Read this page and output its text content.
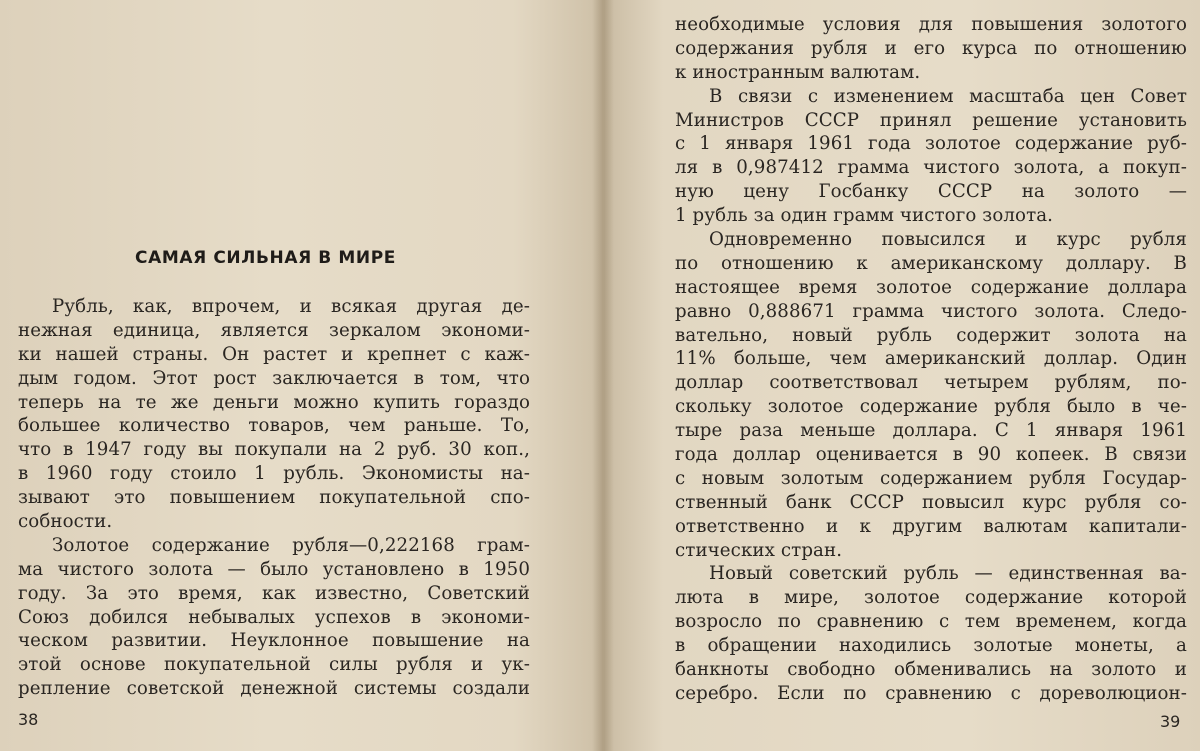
САМАЯ СИЛЬНАЯ В МИРЕ
38	39
Рубль, как, впрочем, и всякая другая де-
нежная единица, является зеркалом экономи-
ки нашей страны. Он растет и крепнет с каж-
дым годом. Этот рост заключается в том, что
теперь на те же деньги можно купить гораздо
большее количество товаров, чем раньше. То,
что в 1947 году вы покупали на 2 руб. 30 коп.,
в 1960 году стоило 1 рубль. Экономисты на-
зывают это повышением покупательной спо-
собности.
Золотое содержание рубля—0,222168 грам-
ма чистого золота — было установлено в 1950
году. За это время, как известно, Советский
Союз добился небывалых успехов в экономи-
ческом развитии. Неуклонное повышение на
этой основе покупательной силы рубля и ук-
репление советской денежной системы создали
необходимые условия для повышения золотого
содержания рубля и его курса по отношению
к иностранным валютам.
В связи с изменением масштаба цен Совет
Министров СССР принял решение установить
с 1 января 1961 года золотое содержание руб-
ля в 0,987412 грамма чистого золота, а покуп-
ную цену Госбанку СССР на золото —
1 рубль за один грамм чистого золота.
Одновременно повысился и курс рубля
по отношению к американскому доллару. В
настоящее время золотое содержание доллара
равно 0,888671 грамма чистого золота. Следо-
вательно, новый рубль содержит золота на
11% больше, чем американский доллар. Один
доллар соответствовал четырем рублям, по-
скольку золотое содержание рубля было в че-
тыре раза меньше доллара. С 1 января 1961
года доллар оценивается в 90 копеек. В связи
с новым золотым содержанием рубля Государ-
ственный банк СССР повысил курс рубля со-
ответственно и к другим валютам капитали-
стических стран.
Новый советский рубль — единственная ва-
люта в мире, золотое содержание которой
возросло по сравнению с тем временем, когда
в обращении находились золотые монеты, а
банкноты свободно обменивались на золото и
серебро. Если по сравнению с дореволюцион-
